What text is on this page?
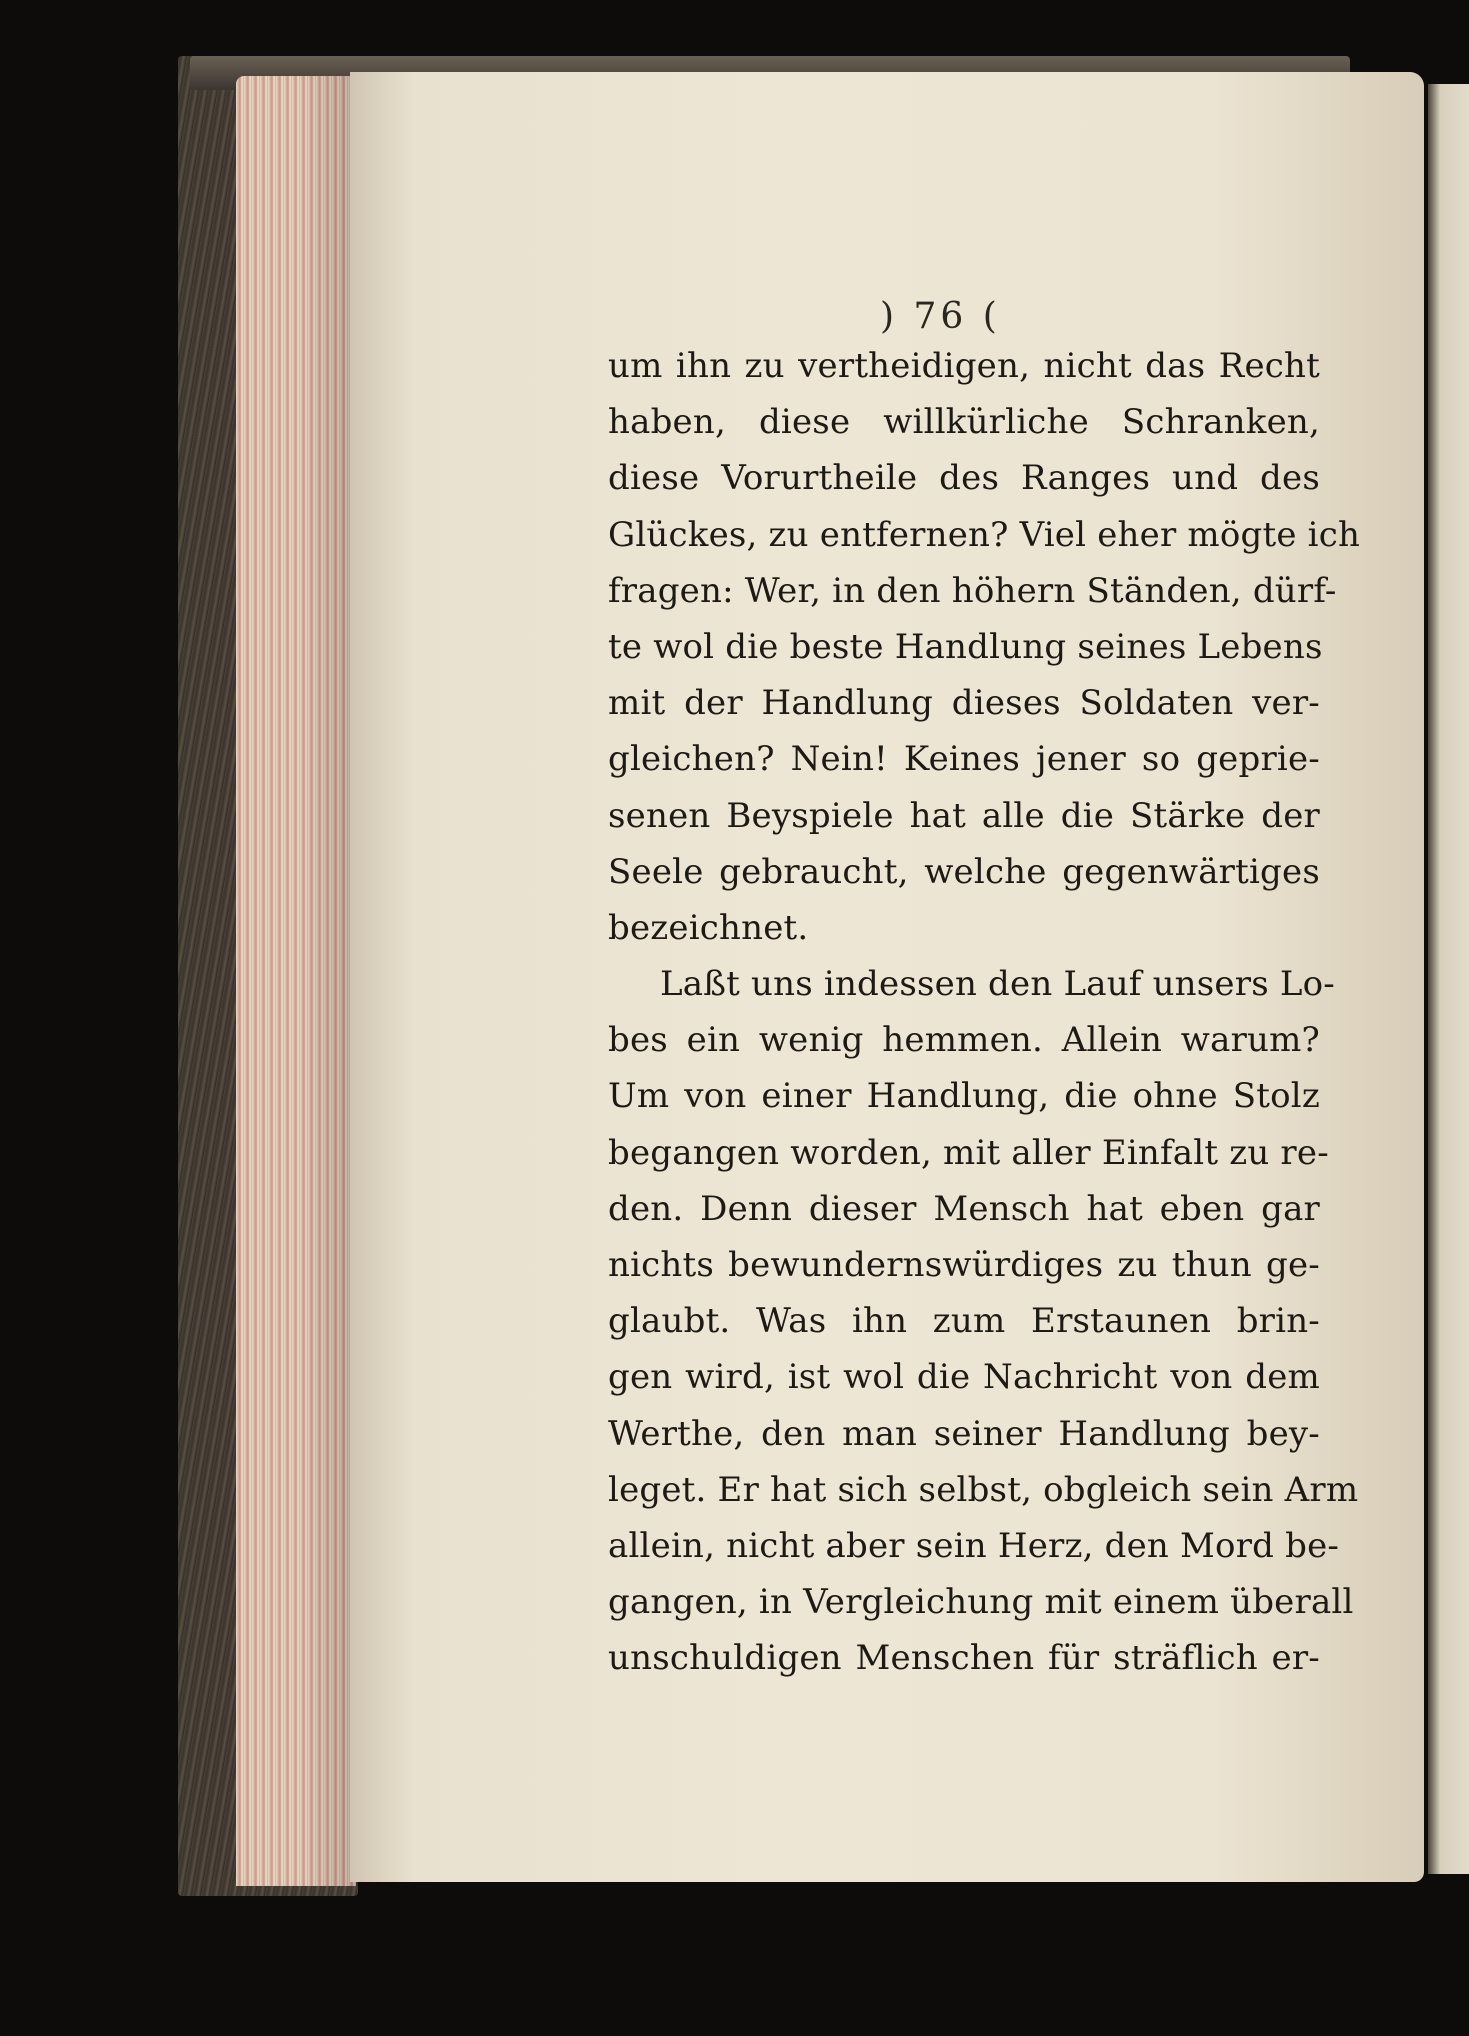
) 76 (
um ihn zu vertheidigen, nicht das Recht
haben, diese willkürliche Schranken,
diese Vorurtheile des Ranges und des
Glückes, zu entfernen? Viel eher mögte ich
fragen: Wer, in den höhern Ständen, dürf-
te wol die beste Handlung seines Lebens
mit der Handlung dieses Soldaten ver-
gleichen? Nein! Keines jener so geprie-
senen Beyspiele hat alle die Stärke der
Seele gebraucht, welche gegenwärtiges
bezeichnet.
Laßt uns indessen den Lauf unsers Lo-
bes ein wenig hemmen. Allein warum?
Um von einer Handlung, die ohne Stolz
begangen worden, mit aller Einfalt zu re-
den. Denn dieser Mensch hat eben gar
nichts bewundernswürdiges zu thun ge-
glaubt. Was ihn zum Erstaunen brin-
gen wird, ist wol die Nachricht von dem
Werthe, den man seiner Handlung bey-
leget. Er hat sich selbst, obgleich sein Arm
allein, nicht aber sein Herz, den Mord be-
gangen, in Vergleichung mit einem überall
unschuldigen Menschen für sträflich er-
